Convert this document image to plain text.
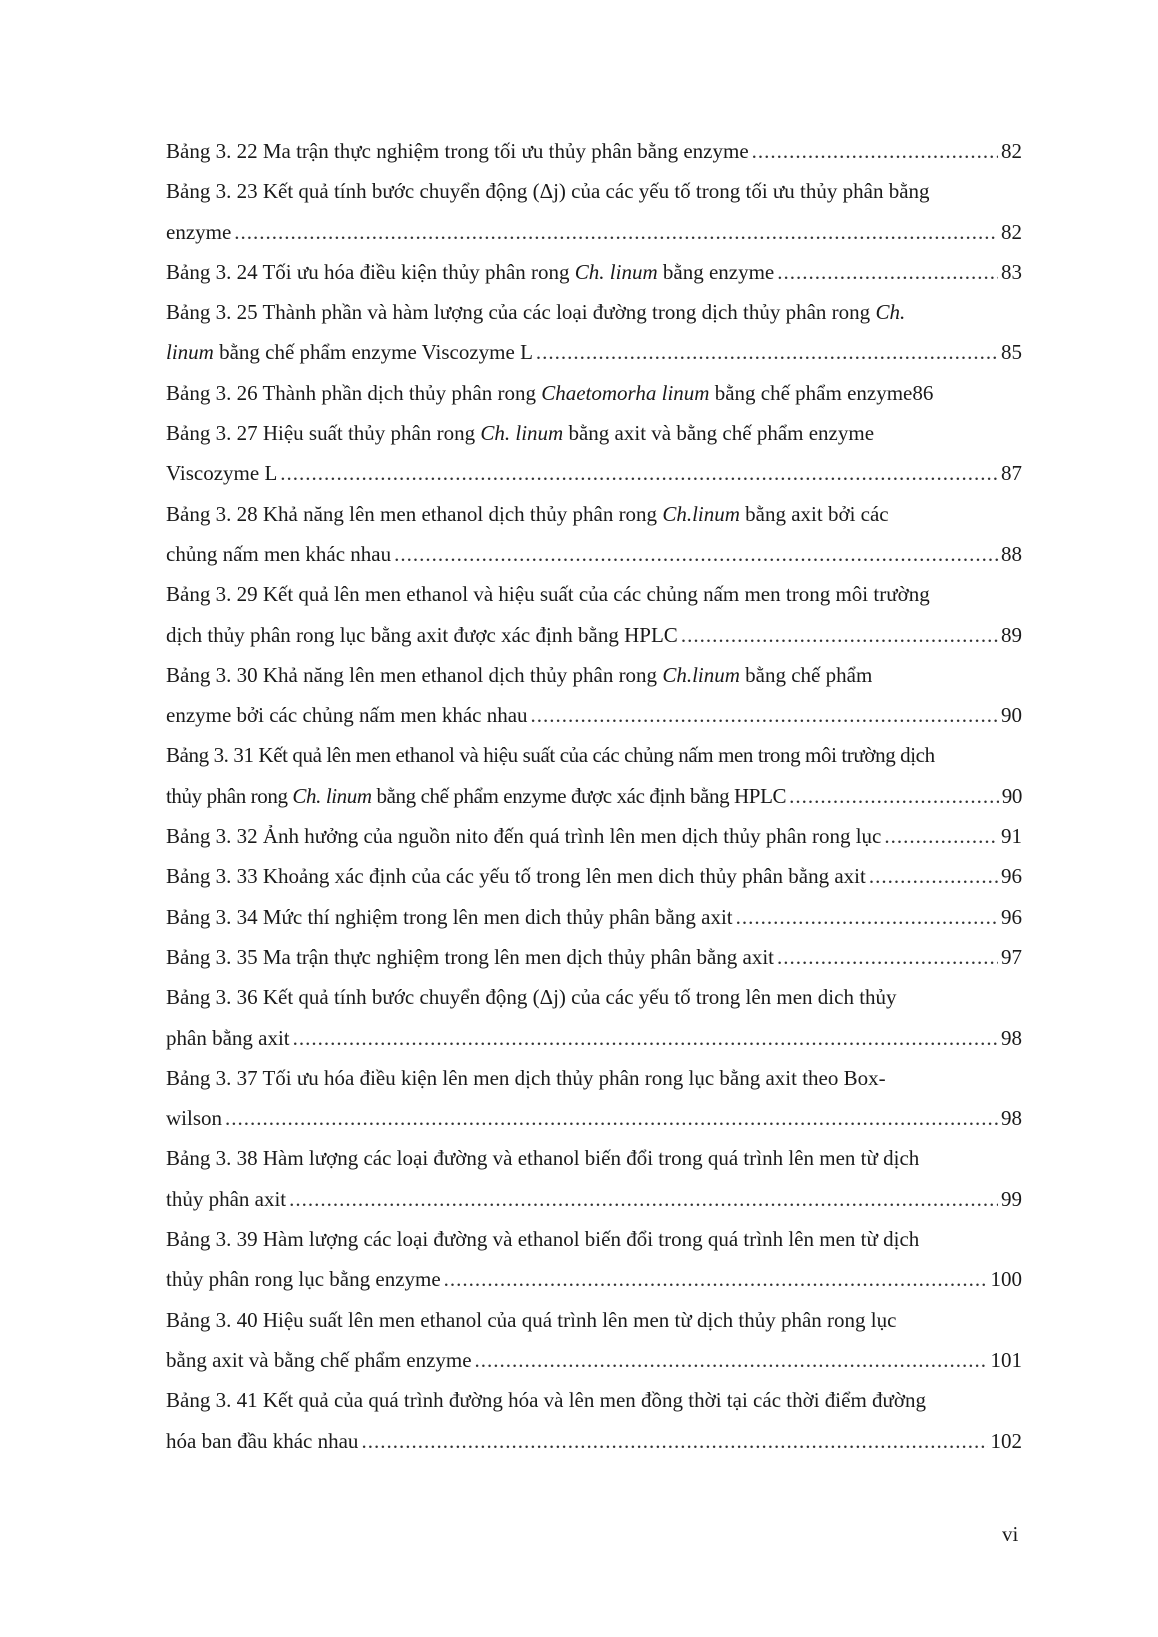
Bảng 3. 22 Ma trận thực nghiệm trong tối ưu thủy phân bằng enzyme .....	82
Bảng 3. 23 Kết quả tính bước chuyển động (Δj) của các yếu tố trong tối ưu thủy phân bằng
enzyme .....	82
Bảng 3. 24 Tối ưu hóa điều kiện thủy phân rong Ch. linum bằng enzyme .....	83
Bảng 3. 25 Thành phần và hàm lượng của các loại đường trong dịch thủy phân rong Ch.
linum bằng chế phẩm enzyme Viscozyme L .....	85
Bảng 3. 26 Thành phần dịch thủy phân rong Chaetomorha linum bằng chế phẩm enzyme86
Bảng 3. 27 Hiệu suất thủy phân rong Ch. linum bằng axit và bằng chế phẩm enzyme
Viscozyme L .....	87
Bảng 3. 28 Khả năng lên men ethanol dịch thủy phân rong Ch.linum bằng axit bởi các
chủng nấm men khác nhau .....	88
Bảng 3. 29 Kết quả lên men ethanol và hiệu suất của các chủng nấm men trong môi trường
dịch thủy phân rong lục bằng axit được xác định bằng HPLC .....	89
Bảng 3. 30 Khả năng lên men ethanol dịch thủy phân rong Ch.linum bằng chế phẩm
enzyme bởi các chủng nấm men khác nhau .....	90
Bảng 3. 31 Kết quả lên men ethanol và hiệu suất của các chủng nấm men trong môi trường dịch
thủy phân rong Ch. linum bằng chế phẩm enzyme được xác định bằng HPLC .....	90
Bảng 3. 32 Ảnh hưởng của nguồn nito đến quá trình lên men dịch thủy phân rong lục .....	91
Bảng 3. 33 Khoảng xác định của các yếu tố trong lên men dich thủy phân bằng axit .....	96
Bảng 3. 34 Mức thí nghiệm trong lên men dich thủy phân bằng axit .....	96
Bảng 3. 35 Ma trận thực nghiệm trong lên men dịch thủy phân bằng axit .....	97
Bảng 3. 36 Kết quả tính bước chuyển động (Δj) của các yếu tố trong lên men dich thủy
phân bằng axit .....	98
Bảng 3. 37 Tối ưu hóa điều kiện lên men dịch thủy phân rong lục bằng axit theo Box-
wilson .....	98
Bảng 3. 38 Hàm lượng các loại đường và ethanol biến đổi trong quá trình lên men từ dịch
thủy phân axit .....	99
Bảng 3. 39 Hàm lượng các loại đường và ethanol biến đổi trong quá trình lên men từ dịch
thủy phân rong lục bằng enzyme .....	100
Bảng 3. 40 Hiệu suất lên men ethanol của quá trình lên men từ dịch thủy phân rong lục
bằng axit và bằng chế phẩm enzyme .....	101
Bảng 3. 41 Kết quả của quá trình đường hóa và lên men đồng thời tại các thời điểm đường
hóa ban đầu khác nhau .....	102
vi
